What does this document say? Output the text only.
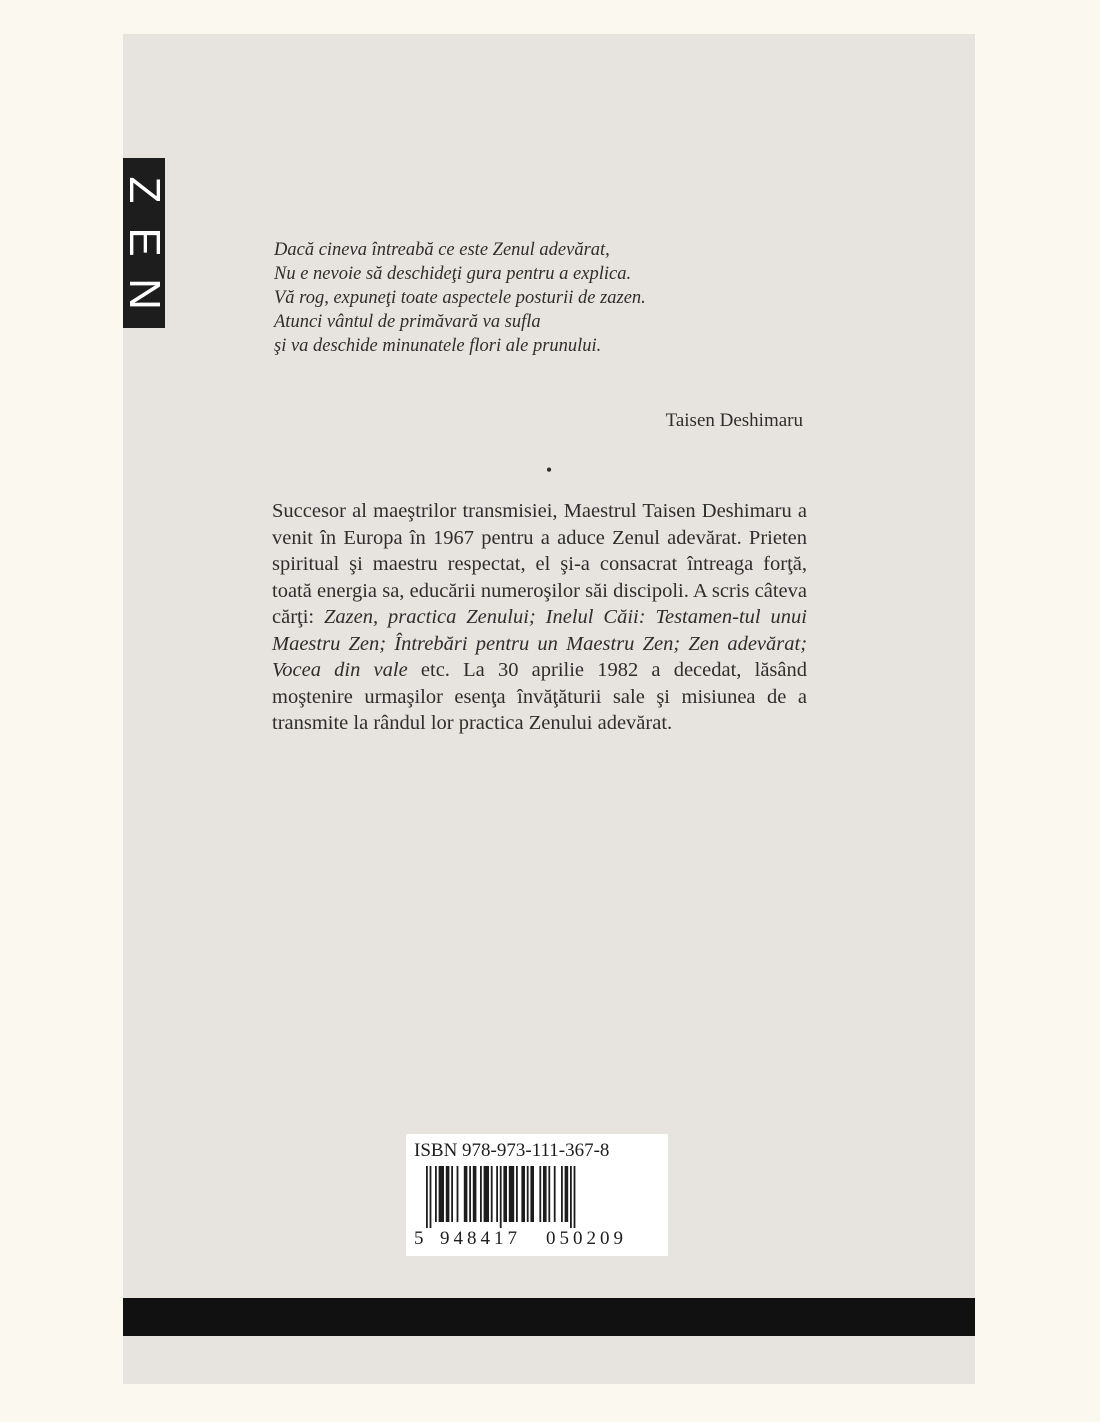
Z
E
N
Dacă cineva întreabă ce este Zenul adevărat,
Nu e nevoie să deschideţi gura pentru a explica.
Vă rog, expuneţi toate aspectele posturii de zazen.
Atunci vântul de primăvară va sufla
şi va deschide minunatele flori ale prunului.
Taisen Deshimaru
•
Succesor al maeştrilor transmisiei, Maestrul Taisen Deshimaru a venit în Europa în 1967 pentru a aduce Zenul adevărat. Prieten spiritual şi maestru respectat, el şi-a consacrat întreaga forţă, toată energia sa, educării numeroşilor săi discipoli. A scris câteva cărţi: Zazen, practica Zenului; Inelul Căii: Testamen-tul unui Maestru Zen; Întrebări pentru un Maestru Zen; Zen adevărat; Vocea din vale etc. La 30 aprilie 1982 a decedat, lăsând moştenire urmaşilor esenţa învăţăturii sale şi misiunea de a transmite la rândul lor practica Zenului adevărat.
ISBN 978-973-111-367-8
5 948417 050209
